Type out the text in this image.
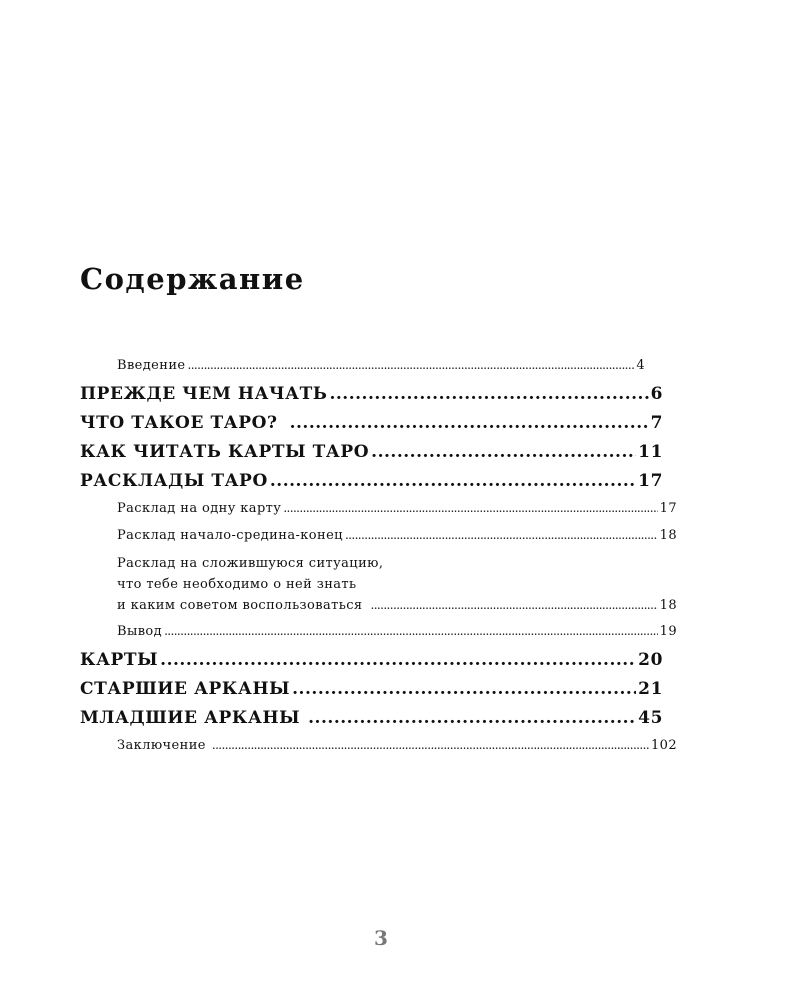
Содержание
Введение .....	4
ПРЕЖДЕ ЧЕМ НАЧАТЬ .....	6
ЧТО ТАКОЕ ТАРО? .....	7
КАК ЧИТАТЬ КАРТЫ ТАРО .....	11
РАСКЛАДЫ ТАРО .....	17
Расклад на одну карту .....	17
Расклад начало-средина-конец .....	18
Расклад на сложившуюся ситуацию,
что тебе необходимо о ней знать
и каким советом воспользоваться .....	18
Вывод .....	19
КАРТЫ .....	20
СТАРШИЕ АРКАНЫ .....	21
МЛАДШИЕ АРКАНЫ .....	45
Заключение .....	102
3
